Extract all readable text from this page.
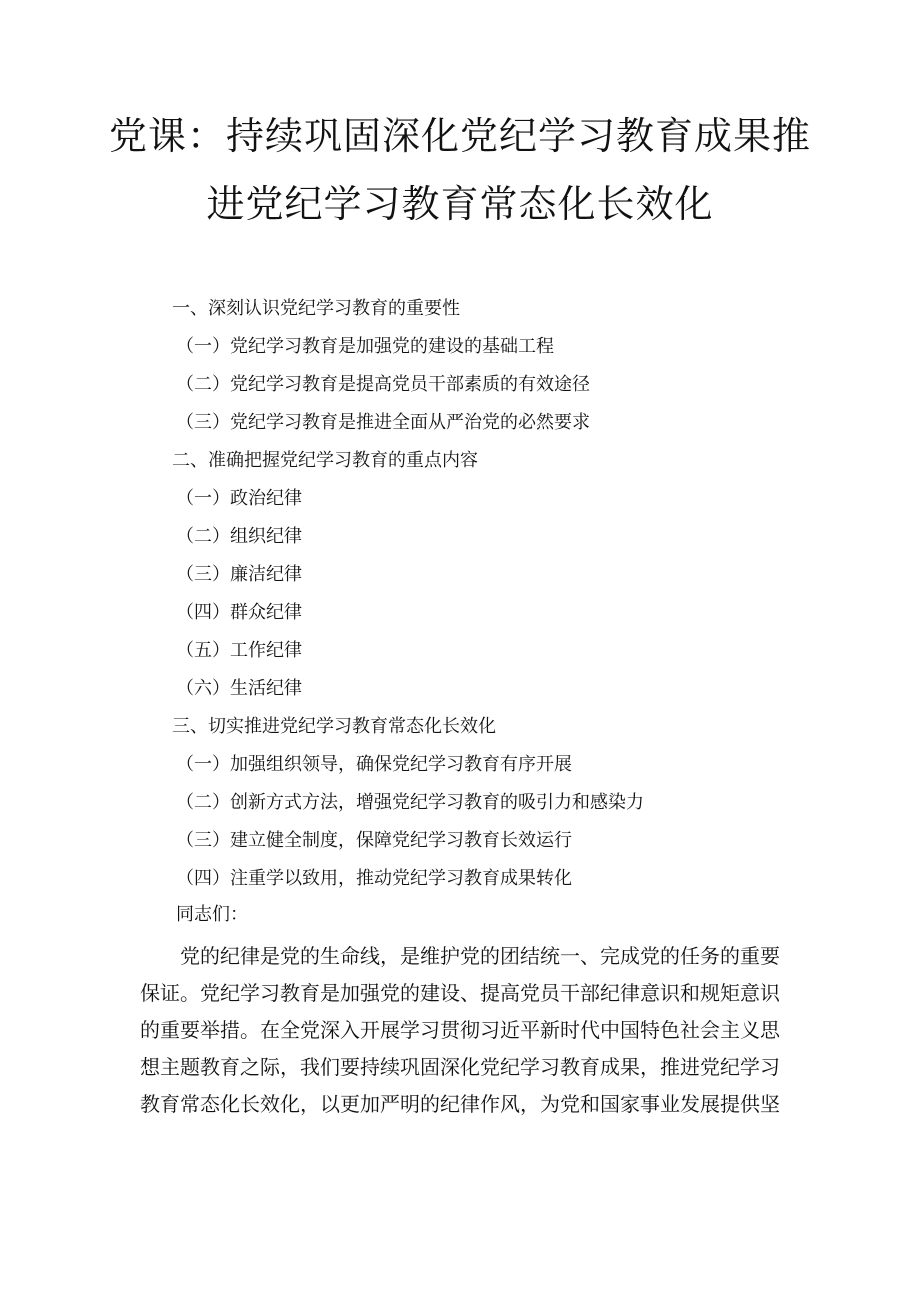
党课：持续巩固深化党纪学习教育成果推
进党纪学习教育常态化长效化
一、深刻认识党纪学习教育的重要性
（一）党纪学习教育是加强党的建设的基础工程
（二）党纪学习教育是提高党员干部素质的有效途径
（三）党纪学习教育是推进全面从严治党的必然要求
二、准确把握党纪学习教育的重点内容
（一）政治纪律
（二）组织纪律
（三）廉洁纪律
（四）群众纪律
（五）工作纪律
（六）生活纪律
三、切实推进党纪学习教育常态化长效化
（一）加强组织领导，确保党纪学习教育有序开展
（二）创新方式方法，增强党纪学习教育的吸引力和感染力
（三）建立健全制度，保障党纪学习教育长效运行
（四）注重学以致用，推动党纪学习教育成果转化
同志们：
党的纪律是党的生命线，是维护党的团结统一、完成党的任务的重要
保证。党纪学习教育是加强党的建设、提高党员干部纪律意识和规矩意识
的重要举措。在全党深入开展学习贯彻习近平新时代中国特色社会主义思
想主题教育之际，我们要持续巩固深化党纪学习教育成果，推进党纪学习
教育常态化长效化，以更加严明的纪律作风，为党和国家事业发展提供坚
